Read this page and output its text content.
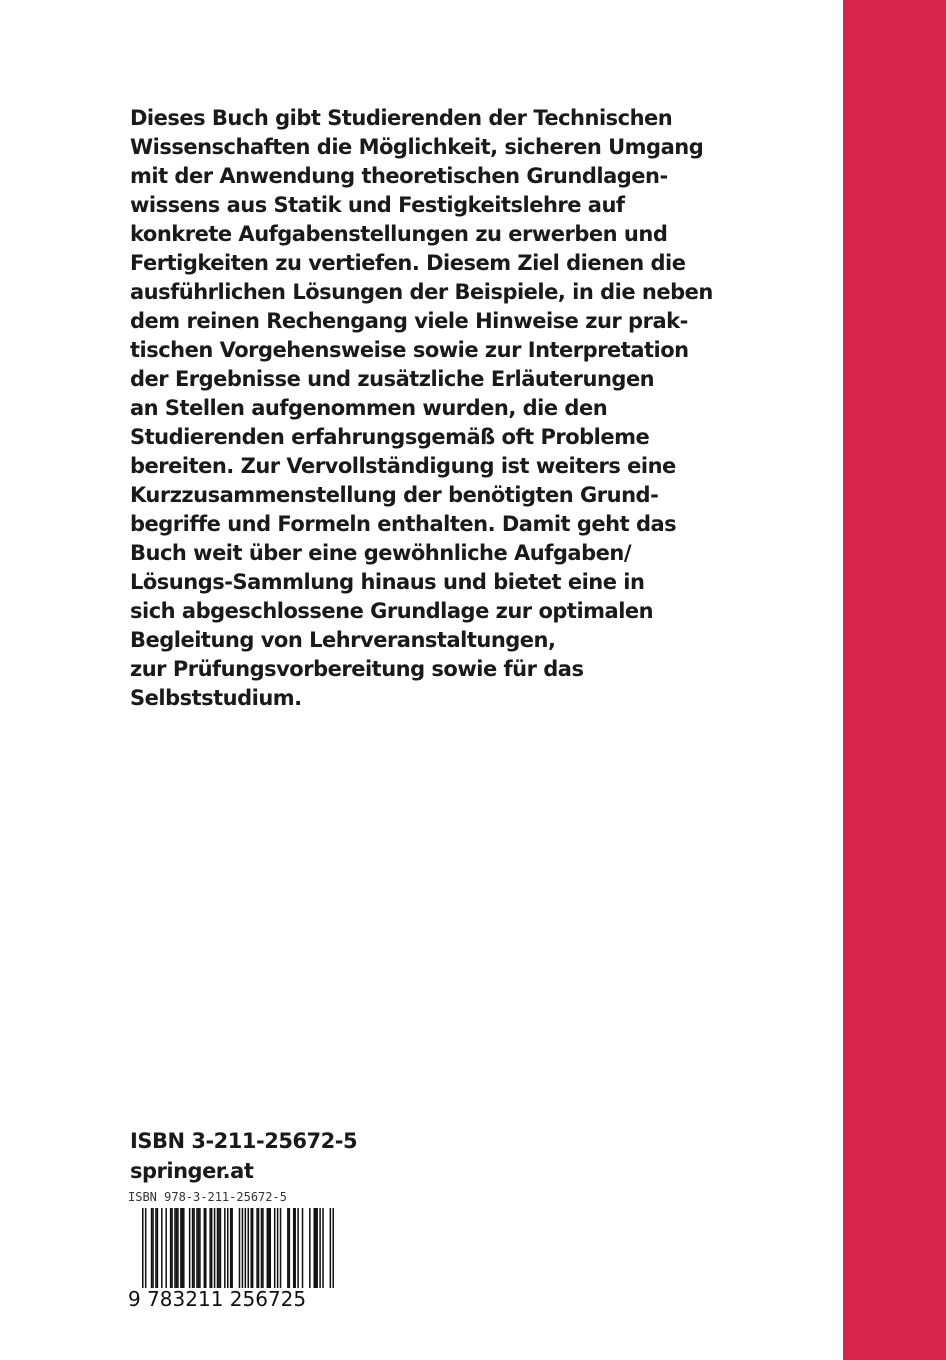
Dieses Buch gibt Studierenden der Technischen
Wissenschaften die Möglichkeit, sicheren Umgang
mit der Anwendung theoretischen Grundlagen-
wissens aus Statik und Festigkeitslehre auf
konkrete Aufgabenstellungen zu erwerben und
Fertigkeiten zu vertiefen. Diesem Ziel dienen die
ausführlichen Lösungen der Beispiele, in die neben
dem reinen Rechengang viele Hinweise zur prak-
tischen Vorgehensweise sowie zur Interpretation
der Ergebnisse und zusätzliche Erläuterungen
an Stellen aufgenommen wurden, die den
Studierenden erfahrungsgemäß oft Probleme
bereiten. Zur Vervollständigung ist weiters eine
Kurzzusammenstellung der benötigten Grund-
begriffe und Formeln enthalten. Damit geht das
Buch weit über eine gewöhnliche Aufgaben/
Lösungs-Sammlung hinaus und bietet eine in
sich abgeschlossene Grundlage zur optimalen
Begleitung von Lehrveranstaltungen,
zur Prüfungsvorbereitung sowie für das
Selbststudium.
ISBN 3-211-25672-5
springer.at
ISBN 978-3-211-25672-5
9 783211 256725
